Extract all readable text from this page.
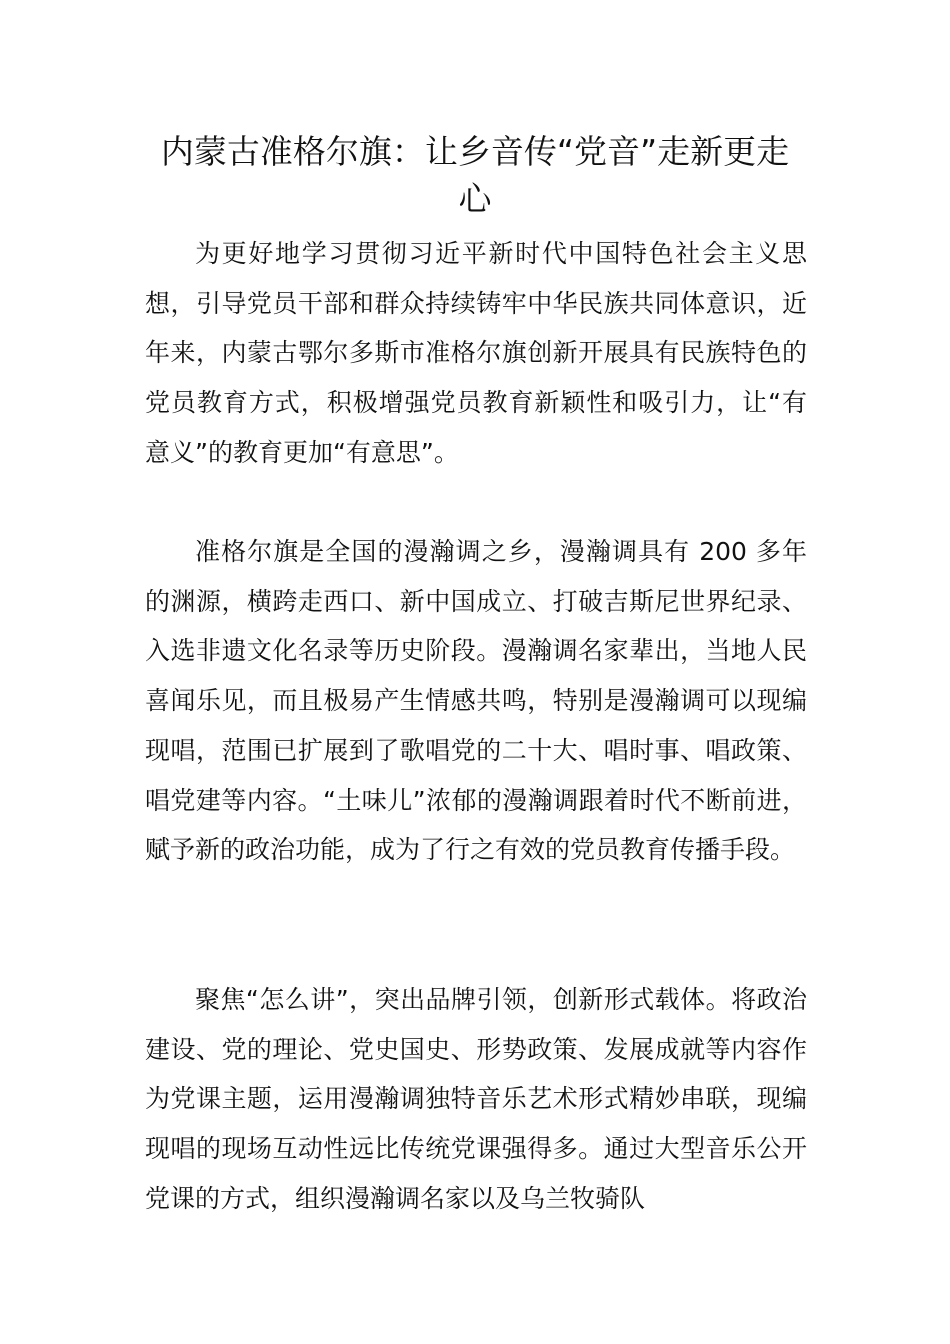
内蒙古准格尔旗：让乡音传“党音”走新更走心

为更好地学习贯彻习近平新时代中国特色社会主义思想，引导党员干部和群众持续铸牢中华民族共同体意识，近年来，内蒙古鄂尔多斯市准格尔旗创新开展具有民族特色的党员教育方式，积极增强党员教育新颖性和吸引力，让“有意义”的教育更加“有意思”。

准格尔旗是全国的漫瀚调之乡，漫瀚调具有 200 多年的渊源，横跨走西口、新中国成立、打破吉斯尼世界纪录、入选非遗文化名录等历史阶段。漫瀚调名家辈出，当地人民喜闻乐见，而且极易产生情感共鸣，特别是漫瀚调可以现编现唱，范围已扩展到了歌唱党的二十大、唱时事、唱政策、唱党建等内容。“土味儿”浓郁的漫瀚调跟着时代不断前进，赋予新的政治功能，成为了行之有效的党员教育传播手段。

聚焦“怎么讲”，突出品牌引领，创新形式载体。将政治建设、党的理论、党史国史、形势政策、发展成就等内容作为党课主题，运用漫瀚调独特音乐艺术形式精妙串联，现编现唱的现场互动性远比传统党课强得多。通过大型音乐公开党课的方式，组织漫瀚调名家以及乌兰牧骑队
